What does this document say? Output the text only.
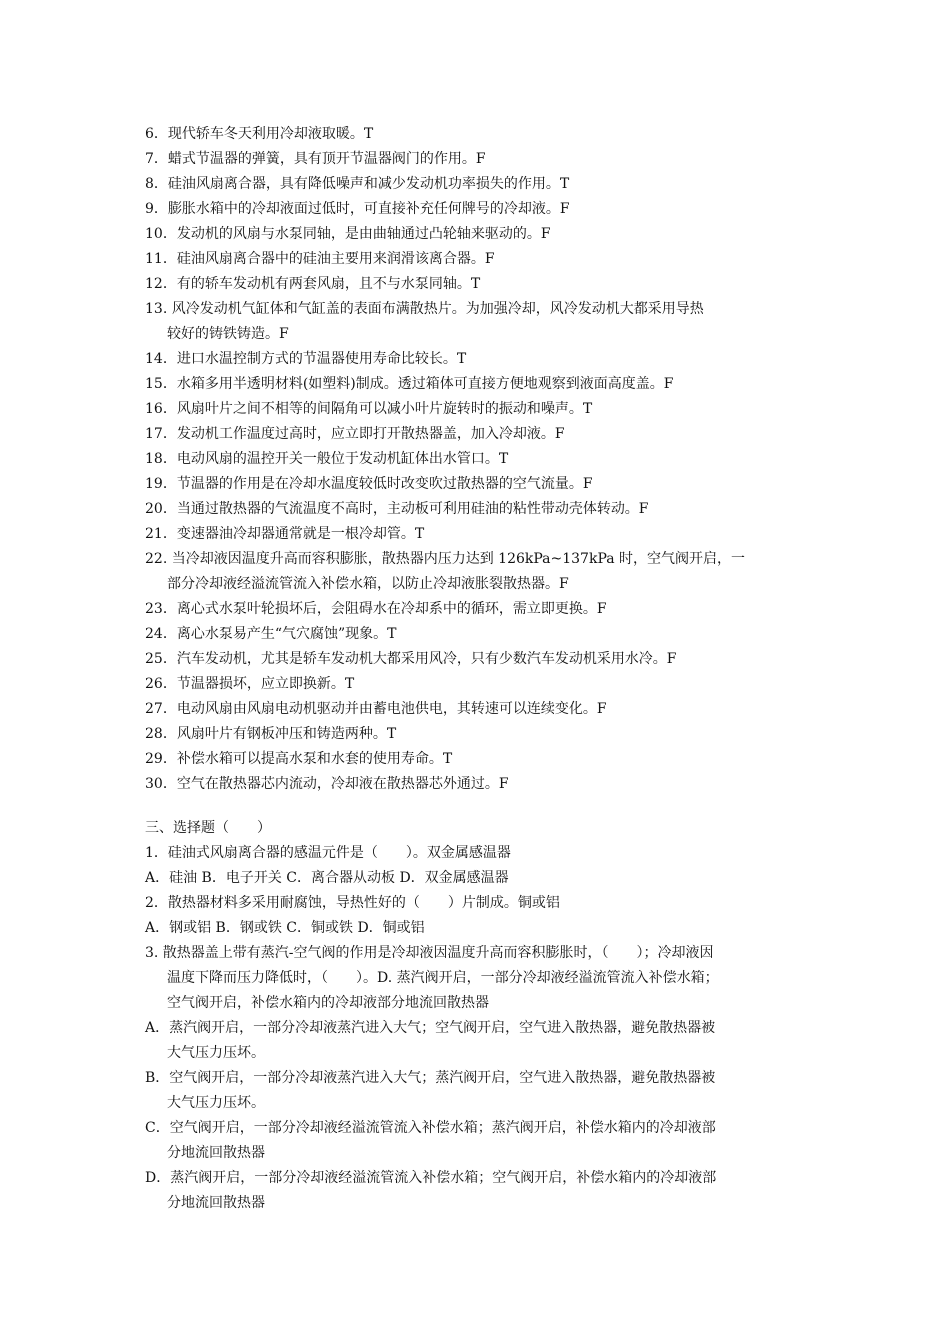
6．现代轿车冬天利用冷却液取暖。T
7．蜡式节温器的弹簧，具有顶开节温器阀门的作用。F
8．硅油风扇离合器，具有降低噪声和减少发动机功率损失的作用。T
9．膨胀水箱中的冷却液面过低时，可直接补充任何牌号的冷却液。F
10．发动机的风扇与水泵同轴，是由曲轴通过凸轮轴来驱动的。F
11．硅油风扇离合器中的硅油主要用来润滑该离合器。F
12．有的轿车发动机有两套风扇，且不与水泵同轴。T
13. 风冷发动机气缸体和气缸盖的表面布满散热片。为加强冷却，风冷发动机大都采用导热
较好的铸铁铸造。F
14．进口水温控制方式的节温器使用寿命比较长。T
15．水箱多用半透明材料(如塑料)制成。透过箱体可直接方便地观察到液面高度盖。F
16．风扇叶片之间不相等的间隔角可以减小叶片旋转时的振动和噪声。T
17．发动机工作温度过高时，应立即打开散热器盖，加入冷却液。F
18．电动风扇的温控开关一般位于发动机缸体出水管口。T
19．节温器的作用是在冷却水温度较低时改变吹过散热器的空气流量。F
20．当通过散热器的气流温度不高时，主动板可利用硅油的粘性带动壳体转动。F
21．变速器油冷却器通常就是一根冷却管。T
22. 当冷却液因温度升高而容积膨胀，散热器内压力达到 126kPa~137kPa 时，空气阀开启，一
部分冷却液经溢流管流入补偿水箱，以防止冷却液胀裂散热器。F
23．离心式水泵叶轮损坏后，会阻碍水在冷却系中的循环，需立即更换。F
24．离心水泵易产生“气穴腐蚀”现象。T
25．汽车发动机，尤其是轿车发动机大都采用风冷，只有少数汽车发动机采用水冷。F
26．节温器损坏，应立即换新。T
27．电动风扇由风扇电动机驱动并由蓄电池供电，其转速可以连续变化。F
28．风扇叶片有钢板冲压和铸造两种。T
29．补偿水箱可以提高水泵和水套的使用寿命。T
30．空气在散热器芯内流动，冷却液在散热器芯外通过。F
三、选择题（　　）
1．硅油式风扇离合器的感温元件是（　　）。双金属感温器
A．硅油 B．电子开关 C．离合器从动板 D．双金属感温器
2．散热器材料多采用耐腐蚀，导热性好的（　　）片制成。铜或铝
A．钢或铝 B．钢或铁 C．铜或铁 D．铜或铝
3. 散热器盖上带有蒸汽-空气阀的作用是冷却液因温度升高而容积膨胀时，（　　）；冷却液因
温度下降而压力降低时，（　　）。D. 蒸汽阀开启，一部分冷却液经溢流管流入补偿水箱；
空气阀开启，补偿水箱内的冷却液部分地流回散热器
A．蒸汽阀开启，一部分冷却液蒸汽进入大气；空气阀开启，空气进入散热器，避免散热器被
大气压力压坏。
B．空气阀开启，一部分冷却液蒸汽进入大气；蒸汽阀开启，空气进入散热器，避免散热器被
大气压力压坏。
C．空气阀开启，一部分冷却液经溢流管流入补偿水箱；蒸汽阀开启，补偿水箱内的冷却液部
分地流回散热器
D．蒸汽阀开启，一部分冷却液经溢流管流入补偿水箱；空气阀开启，补偿水箱内的冷却液部
分地流回散热器
